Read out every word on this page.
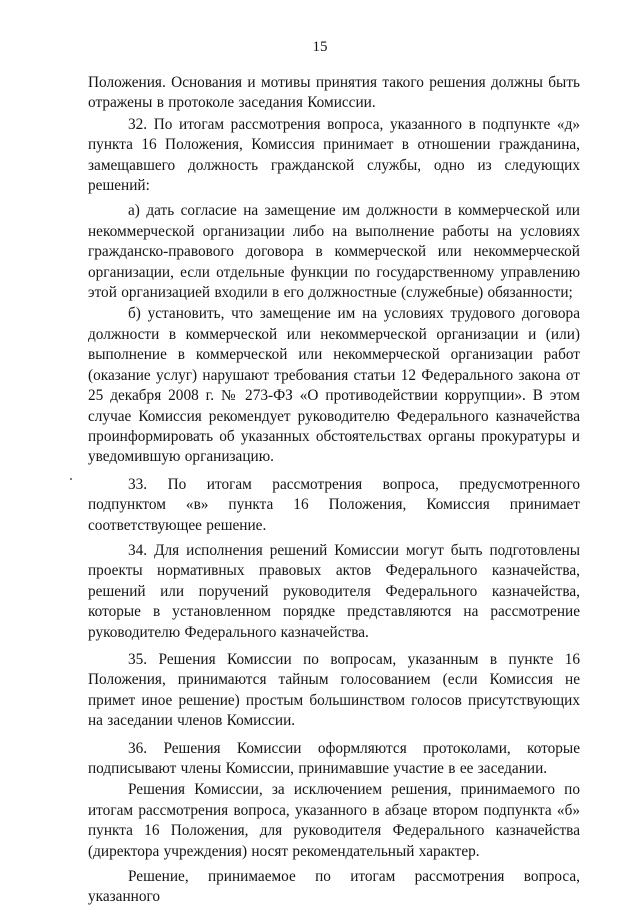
15

Положения. Основания и мотивы принятия такого решения должны быть отражены в протоколе заседания Комиссии.

32. По итогам рассмотрения вопроса, указанного в подпункте «д» пункта 16 Положения, Комиссия принимает в отношении гражданина, замещавшего должность гражданской службы, одно из следующих решений:

а) дать согласие на замещение им должности в коммерческой или некоммерческой организации либо на выполнение работы на условиях гражданско-правового договора в коммерческой или некоммерческой организации, если отдельные функции по государственному управлению этой организацией входили в его должностные (служебные) обязанности;

б) установить, что замещение им на условиях трудового договора должности в коммерческой или некоммерческой организации и (или) выполнение в коммерческой или некоммерческой организации работ (оказание услуг) нарушают требования статьи 12 Федерального закона от 25 декабря 2008 г. № 273-ФЗ «О противодействии коррупции». В этом случае Комиссия рекомендует руководителю Федерального казначейства проинформировать об указанных обстоятельствах органы прокуратуры и уведомившую организацию.

33. По итогам рассмотрения вопроса, предусмотренного подпунктом «в» пункта 16 Положения, Комиссия принимает соответствующее решение.

34. Для исполнения решений Комиссии могут быть подготовлены проекты нормативных правовых актов Федерального казначейства, решений или поручений руководителя Федерального казначейства, которые в установленном порядке представляются на рассмотрение руководителю Федерального казначейства.

35. Решения Комиссии по вопросам, указанным в пункте 16 Положения, принимаются тайным голосованием (если Комиссия не примет иное решение) простым большинством голосов присутствующих на заседании членов Комиссии.

36. Решения Комиссии оформляются протоколами, которые подписывают члены Комиссии, принимавшие участие в ее заседании.

Решения Комиссии, за исключением решения, принимаемого по итогам рассмотрения вопроса, указанного в абзаце втором подпункта «б» пункта 16 Положения, для руководителя Федерального казначейства (директора учреждения) носят рекомендательный характер.

Решение, принимаемое по итогам рассмотрения вопроса, указанного
